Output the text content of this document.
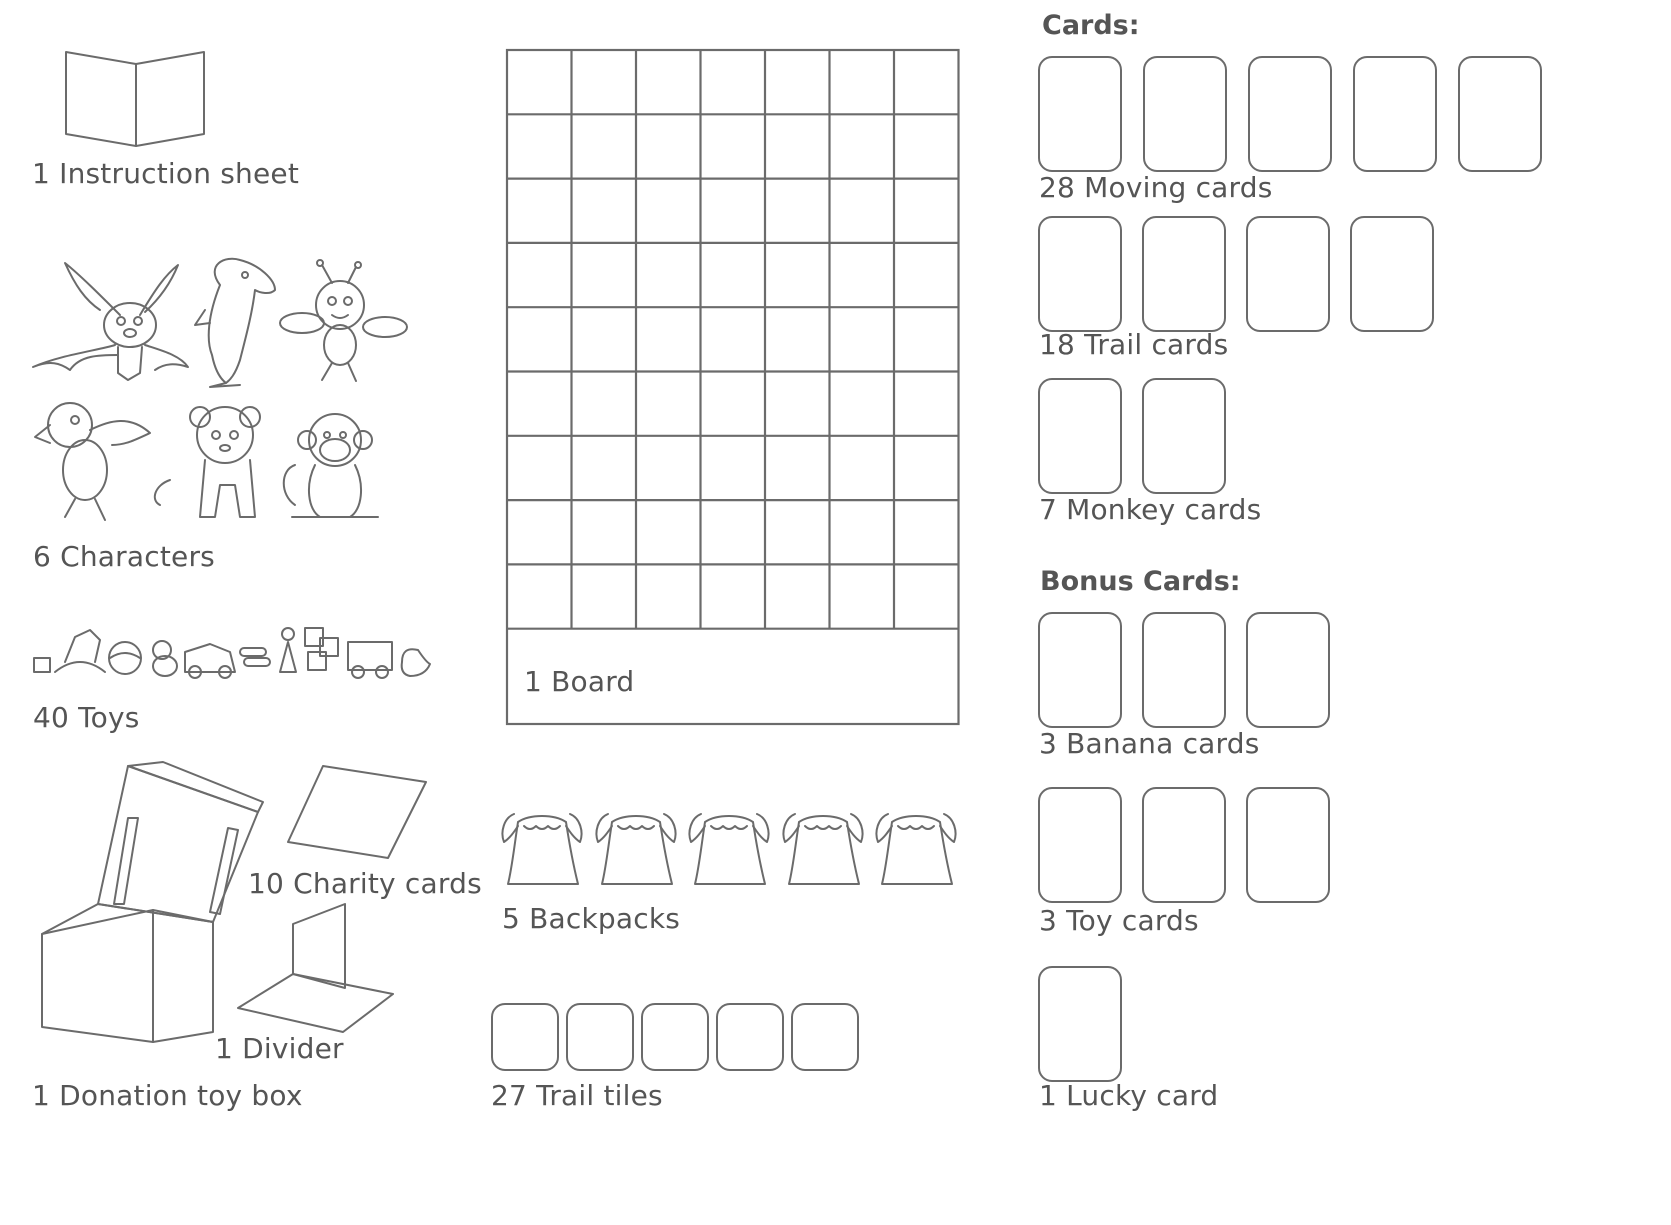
1 Instruction sheet
6 Characters
40 Toys
10 Charity cards
1 Divider
1 Donation toy box
1 Board
5 Backpacks
27 Trail tiles
Cards:
28 Moving cards
18 Trail cards
7 Monkey cards
Bonus Cards:
3 Banana cards
3 Toy cards
1 Lucky card
